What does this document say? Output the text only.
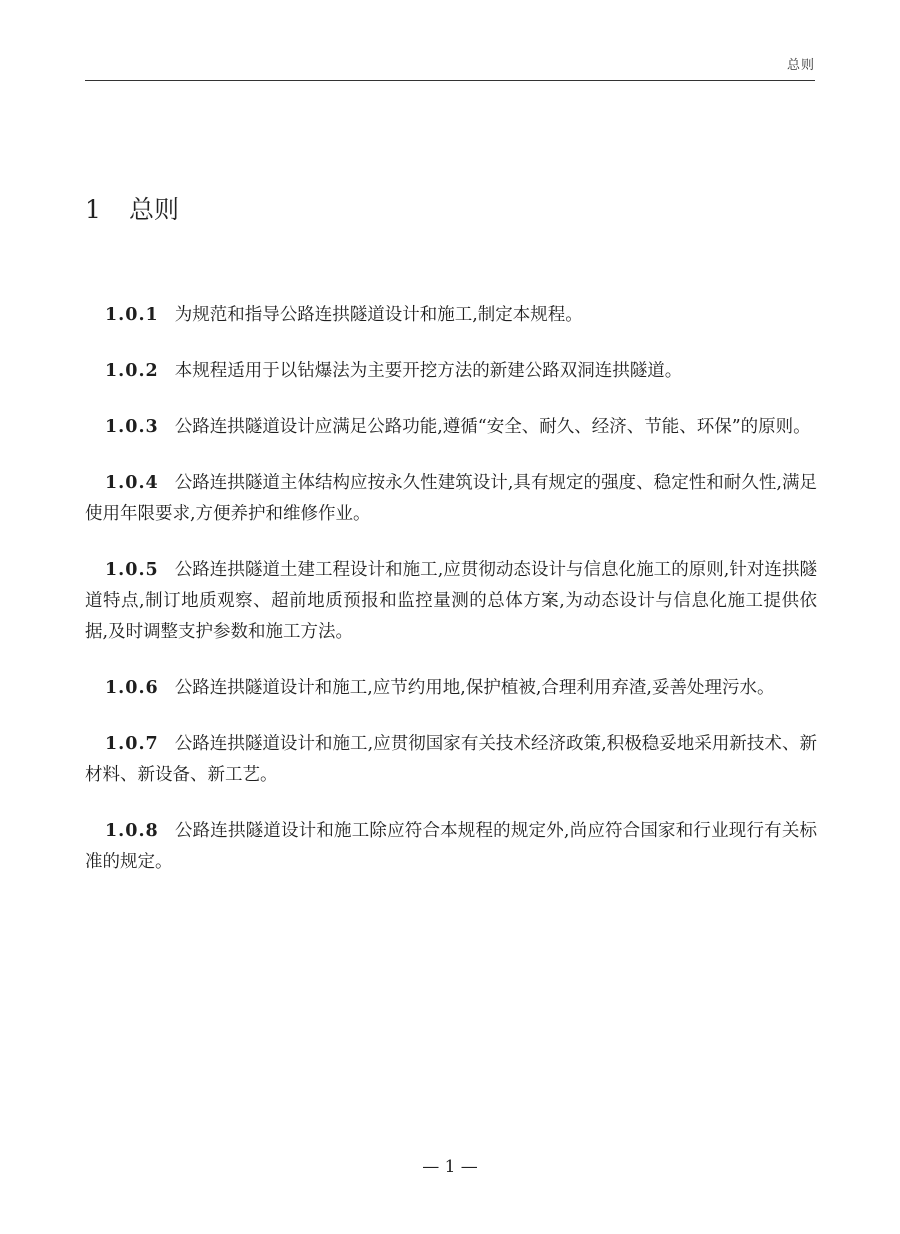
总则
1 总则

1.0.1 为规范和指导公路连拱隧道设计和施工,制定本规程。

1.0.2 本规程适用于以钻爆法为主要开挖方法的新建公路双洞连拱隧道。

1.0.3 公路连拱隧道设计应满足公路功能,遵循“安全、耐久、经济、节能、环保”的原则。

1.0.4 公路连拱隧道主体结构应按永久性建筑设计,具有规定的强度、稳定性和耐久性,满足使用年限要求,方便养护和维修作业。

1.0.5 公路连拱隧道土建工程设计和施工,应贯彻动态设计与信息化施工的原则,针对连拱隧道特点,制订地质观察、超前地质预报和监控量测的总体方案,为动态设计与信息化施工提供依据,及时调整支护参数和施工方法。

1.0.6 公路连拱隧道设计和施工,应节约用地,保护植被,合理利用弃渣,妥善处理污水。

1.0.7 公路连拱隧道设计和施工,应贯彻国家有关技术经济政策,积极稳妥地采用新技术、新材料、新设备、新工艺。

1.0.8 公路连拱隧道设计和施工除应符合本规程的规定外,尚应符合国家和行业现行有关标准的规定。

— 1 —
